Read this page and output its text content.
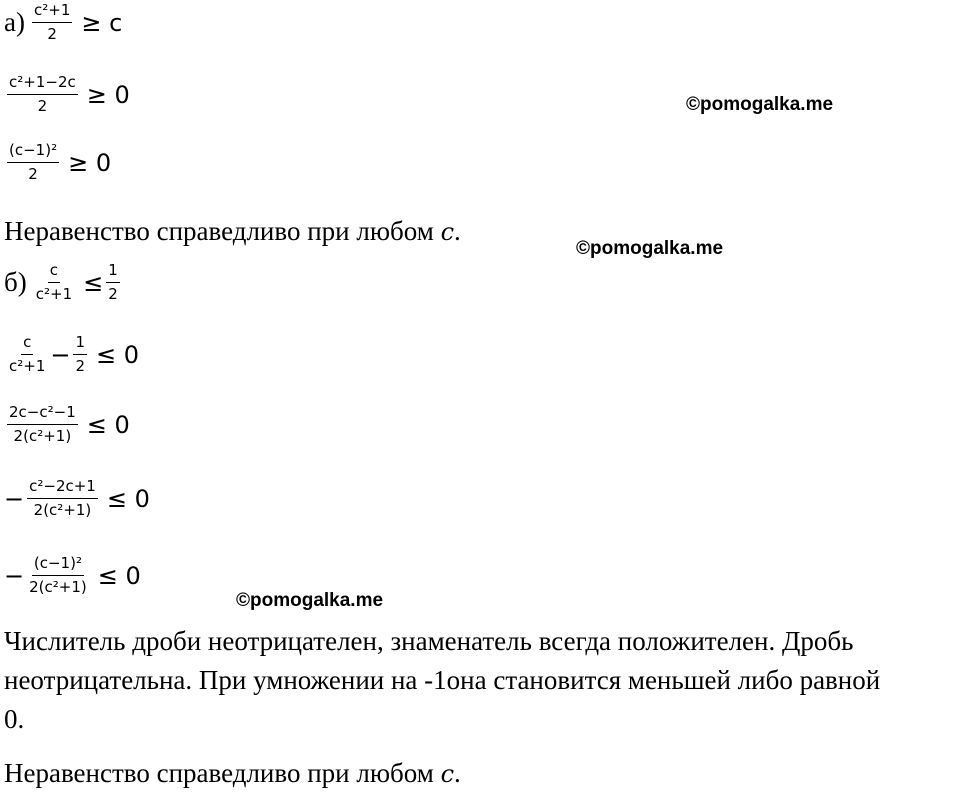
$а) \frac{\text{c²+1}}{2} \ge c$
$\frac{\text{c²+1−2c}}{2} \ge 0$
$\frac{\text{(c−1)²}}{2} \ge 0$
Неравенство справедливо при любом c.
$б) \frac{c}{\text{c²+1}} \le \frac{1}{2}$
$\frac{c}{\text{c²+1}} - \frac{1}{2} \le 0$
$\frac{\text{2c−c²−1}}{\text{2(c²+1)}} \le 0$
− $\frac{\text{c²−2c+1}}{\text{2(c²+1)}} \le 0$
− $\frac{\text{(c−1)²}}{\text{2(c²+1)}} \le 0$
Числитель дроби неотрицателен, знаменатель всегда положителен. Дробь
неотрицательна. При умножении на -1она становится меньшей либо равной
0.
Неравенство справедливо при любом c.
©pomogalka.me
©pomogalka.me
©pomogalka.me
